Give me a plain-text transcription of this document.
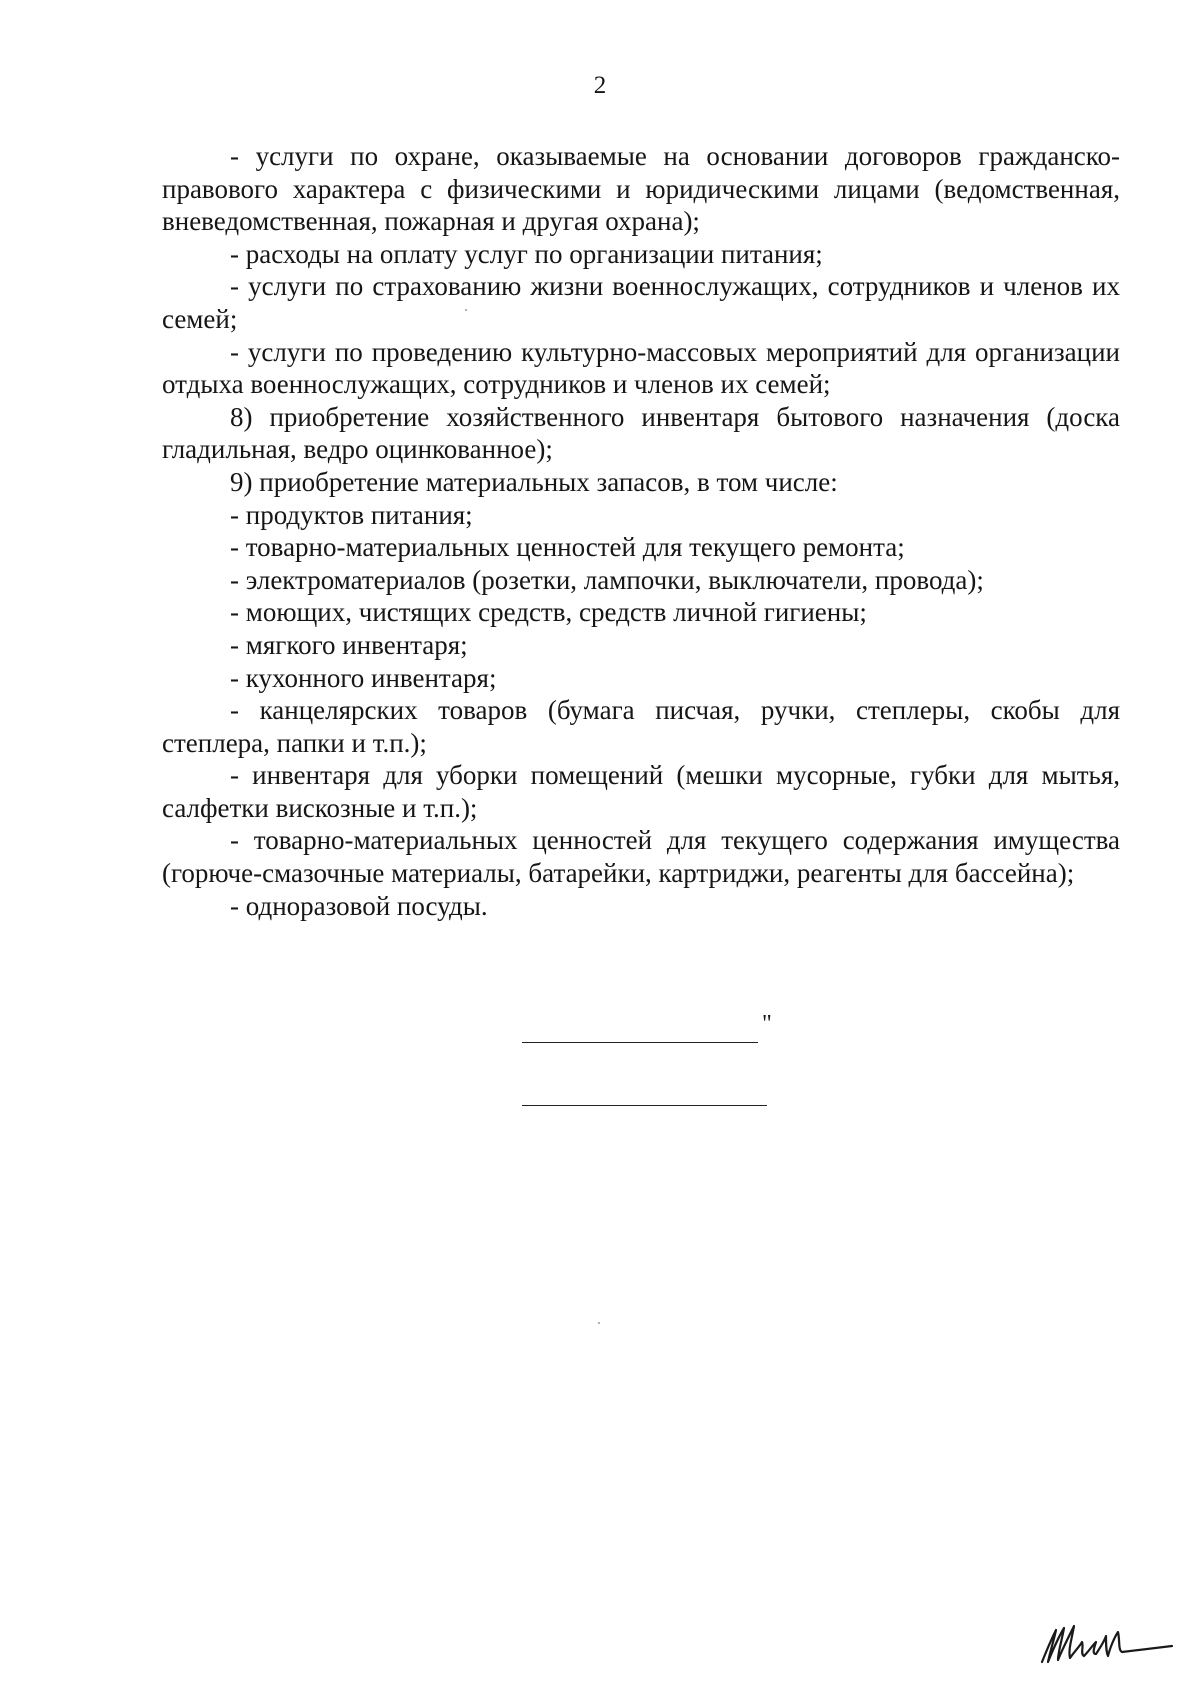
2

- услуги по охране, оказываемые на основании договоров гражданско-правового характера с физическими и юридическими лицами (ведомственная, вневедомственная, пожарная и другая охрана);

- расходы на оплату услуг по организации питания;

- услуги по страхованию жизни военнослужащих, сотрудников и членов их семей;

- услуги по проведению культурно-массовых мероприятий для организации отдыха военнослужащих, сотрудников и членов их семей;

8) приобретение хозяйственного инвентаря бытового назначения (доска гладильная, ведро оцинкованное);

9) приобретение материальных запасов, в том числе:

- продуктов питания;

- товарно-материальных ценностей для текущего ремонта;

- электроматериалов (розетки, лампочки, выключатели, провода);

- моющих, чистящих средств, средств личной гигиены;

- мягкого инвентаря;

- кухонного инвентаря;

- канцелярских товаров (бумага писчая, ручки, степлеры, скобы для степлера, папки и т.п.);

- инвентаря для уборки помещений (мешки мусорные, губки для мытья, салфетки вискозные и т.п.);

- товарно-материальных ценностей для текущего содержания имущества (горюче-смазочные материалы, батарейки, картриджи, реагенты для бассейна);

- одноразовой посуды.

"
